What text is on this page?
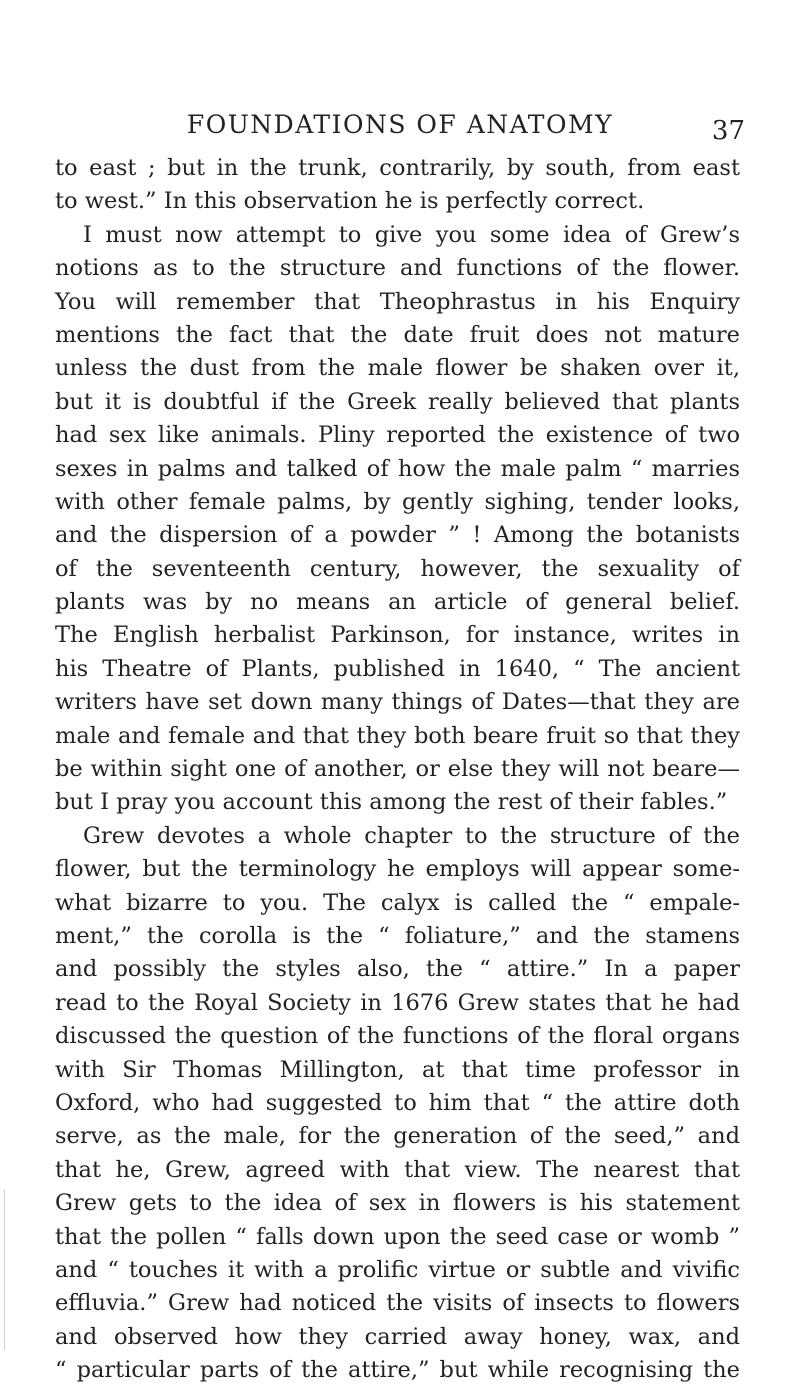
FOUNDATIONS OF ANATOMY	37
to east ; but in the trunk, contrarily, by south, from east
to west.” In this observation he is perfectly correct.
I must now attempt to give you some idea of Grew’s
notions as to the structure and functions of the flower.
You will remember that Theophrastus in his Enquiry
mentions the fact that the date fruit does not mature
unless the dust from the male flower be shaken over it,
but it is doubtful if the Greek really believed that plants
had sex like animals. Pliny reported the existence of two
sexes in palms and talked of how the male palm “ marries
with other female palms, by gently sighing, tender looks,
and the dispersion of a powder ” ! Among the botanists
of the seventeenth century, however, the sexuality of
plants was by no means an article of general belief.
The English herbalist Parkinson, for instance, writes in
his Theatre of Plants, published in 1640, “ The ancient
writers have set down many things of Dates—that they are
male and female and that they both beare fruit so that they
be within sight one of another, or else they will not beare—
but I pray you account this among the rest of their fables.”
Grew devotes a whole chapter to the structure of the
flower, but the terminology he employs will appear some-
what bizarre to you. The calyx is called the “ empale-
ment,” the corolla is the “ foliature,” and the stamens
and possibly the styles also, the “ attire.” In a paper
read to the Royal Society in 1676 Grew states that he had
discussed the question of the functions of the floral organs
with Sir Thomas Millington, at that time professor in
Oxford, who had suggested to him that “ the attire doth
serve, as the male, for the generation of the seed,” and
that he, Grew, agreed with that view. The nearest that
Grew gets to the idea of sex in flowers is his statement
that the pollen “ falls down upon the seed case or womb ”
and “ touches it with a prolific virtue or subtle and vivific
effluvia.” Grew had noticed the visits of insects to flowers
and observed how they carried away honey, wax, and
“ particular parts of the attire,” but while recognising the
